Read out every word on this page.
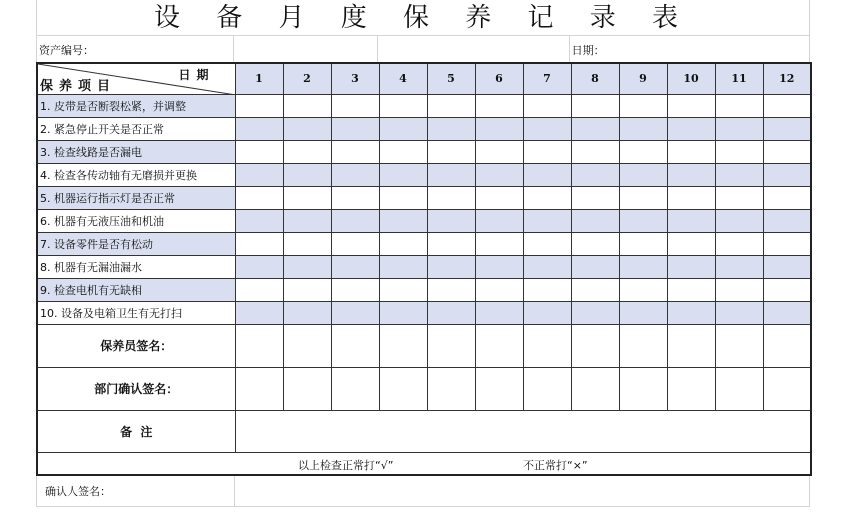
设 备 月 度 保 养 记 录 表
资产编号：	日期：
日期
保养项目	1	2	3	4	5	6	7	8	9	10	11	12
1. 皮带是否断裂松紧，并调整												
2. 紧急停止开关是否正常												
3. 检查线路是否漏电												
4. 检查各传动轴有无磨损并更换												
5. 机器运行指示灯是否正常												
6. 机器有无液压油和机油												
7. 设备零件是否有松动												
8. 机器有无漏油漏水												
9. 检查电机有无缺相												
10. 设备及电箱卫生有无打扫												
保养员签名：												
部门确认签名：												
备  注												

以上检查正常打“√” 不正常打“×”												
确认人签名：
